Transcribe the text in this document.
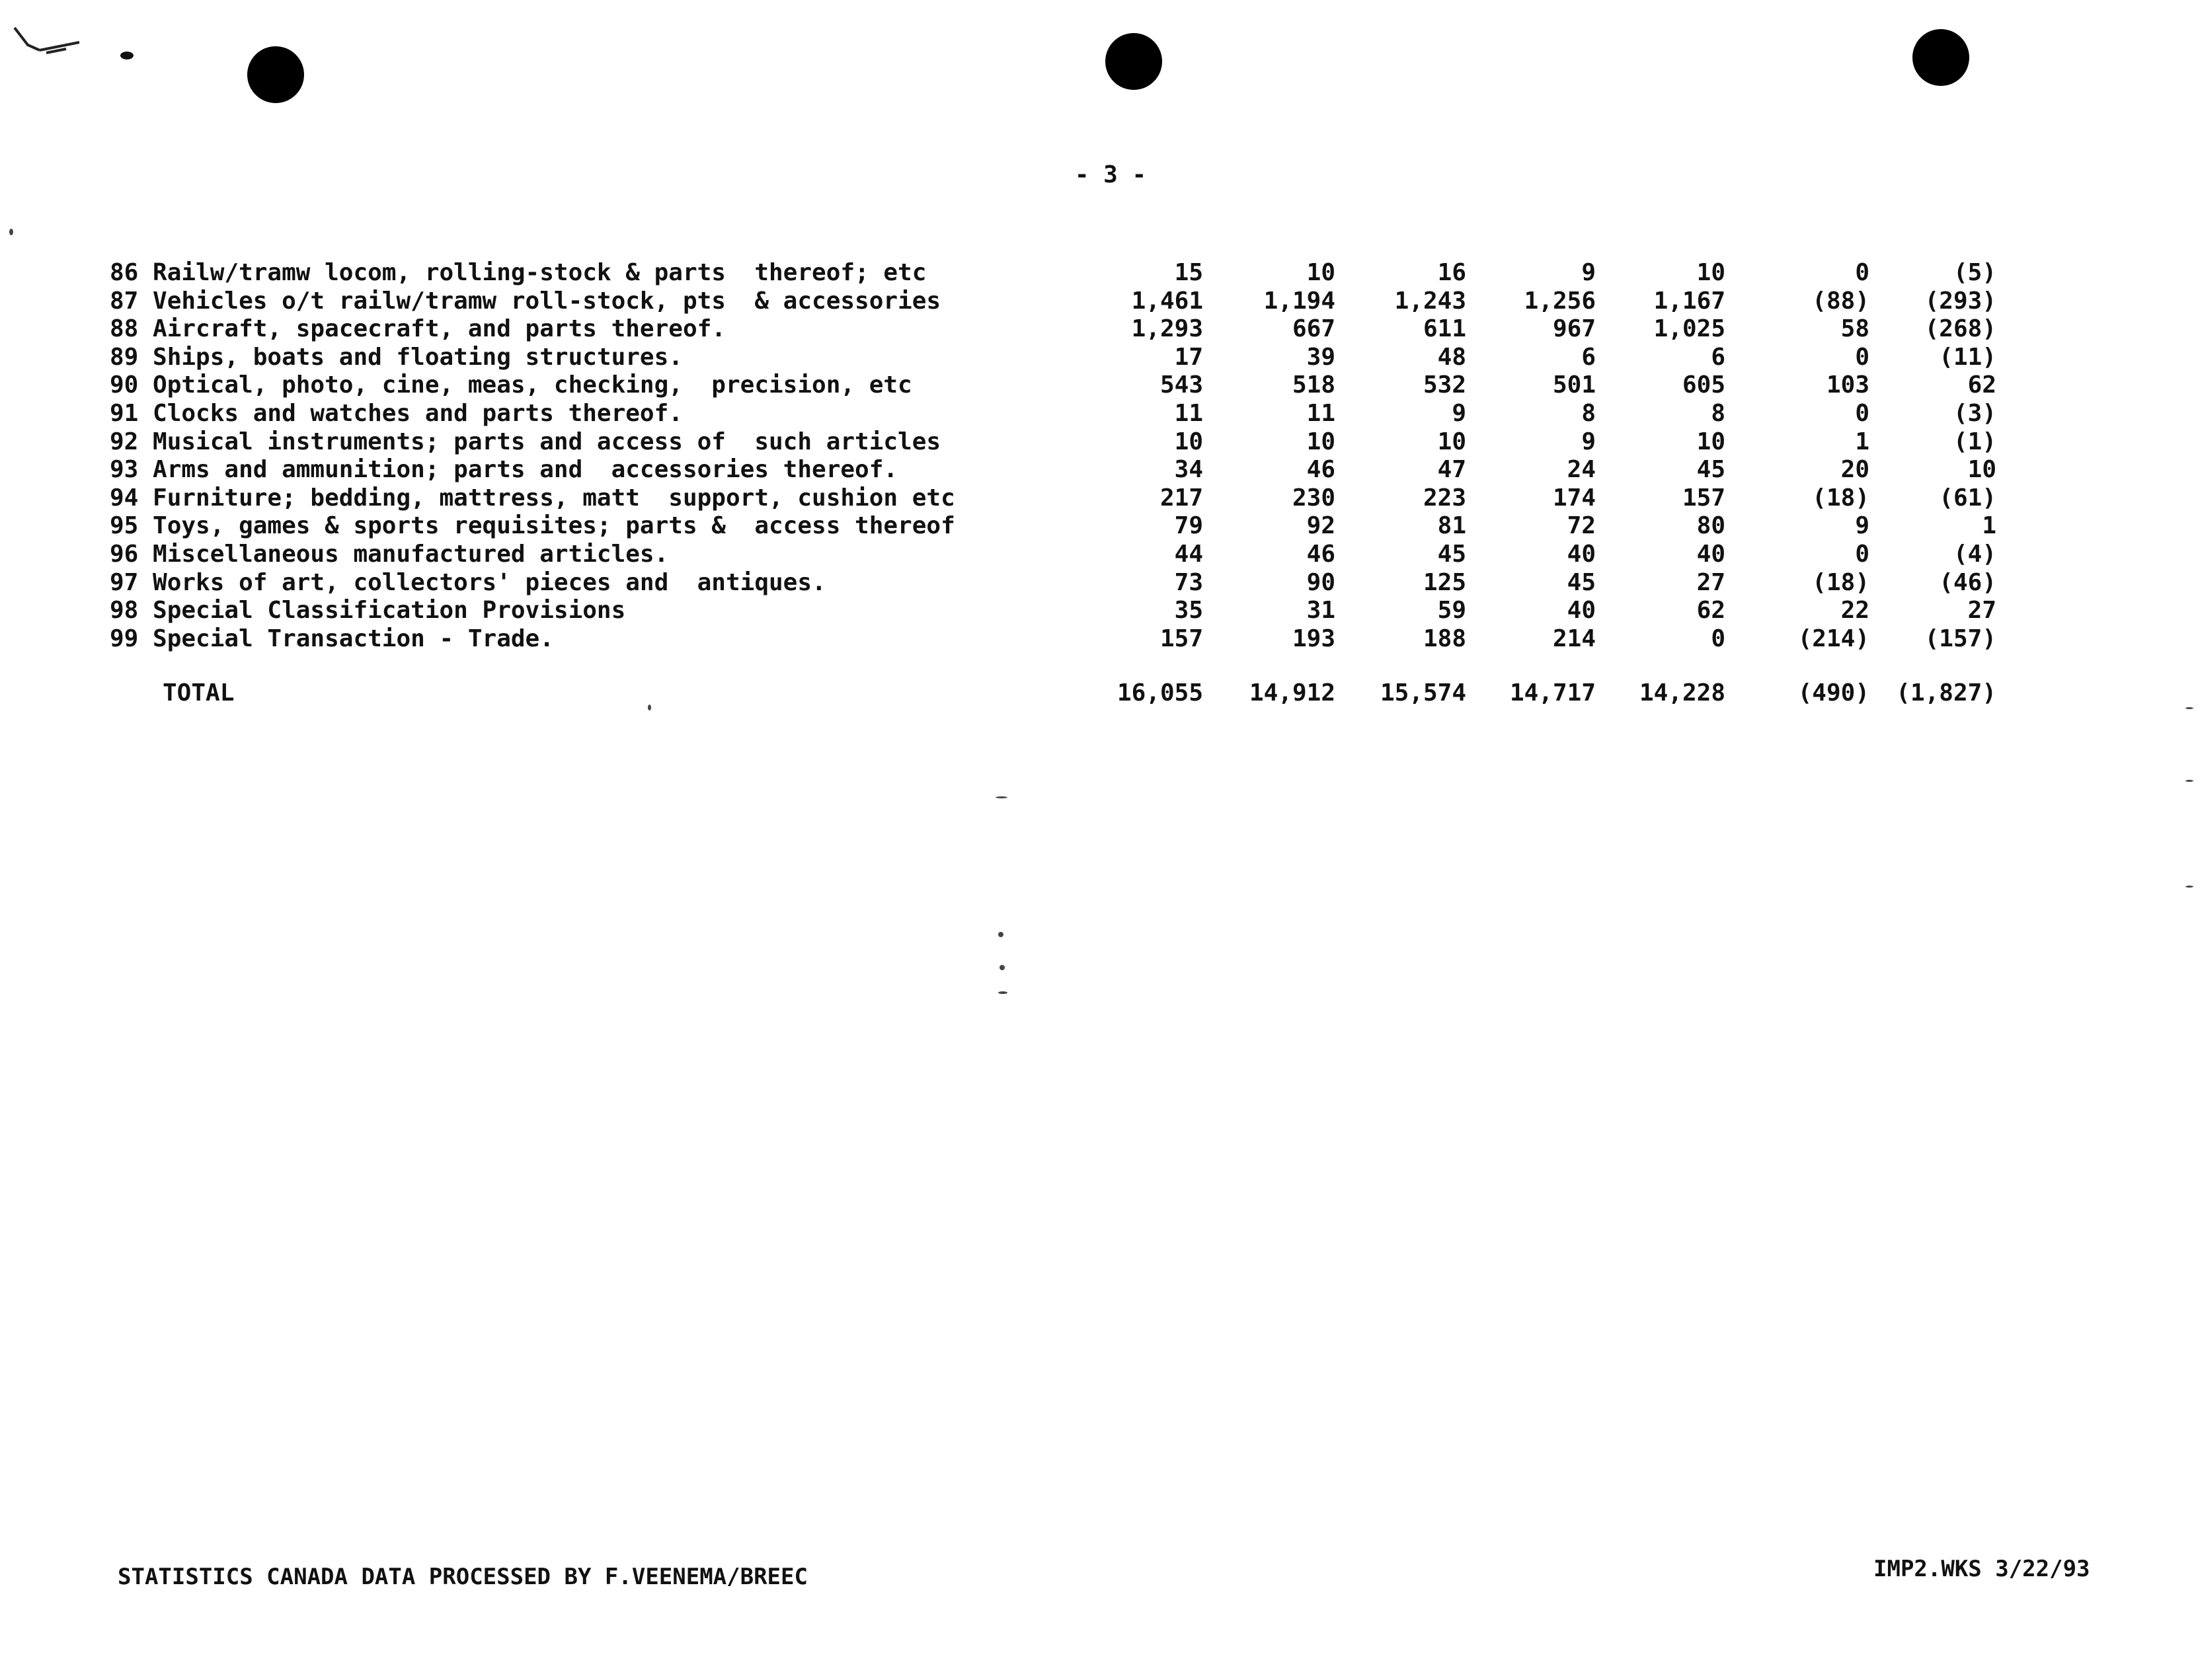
- 3 -
86 Railw/tramw locom, rolling-stock & parts  thereof; etc	15	10	16	9	10	0	(5)
87 Vehicles o/t railw/tramw roll-stock, pts  & accessories	1,461	1,194	1,243	1,256	1,167	(88)	(293)
88 Aircraft, spacecraft, and parts thereof.	1,293	667	611	967	1,025	58	(268)
89 Ships, boats and floating structures.	17	39	48	6	6	0	(11)
90 Optical, photo, cine, meas, checking,  precision, etc	543	518	532	501	605	103	62
91 Clocks and watches and parts thereof.	11	11	9	8	8	0	(3)
92 Musical instruments; parts and access of  such articles	10	10	10	9	10	1	(1)
93 Arms and ammunition; parts and  accessories thereof.	34	46	47	24	45	20	10
94 Furniture; bedding, mattress, matt  support, cushion etc	217	230	223	174	157	(18)	(61)
95 Toys, games & sports requisites; parts &  access thereof	79	92	81	72	80	9	1
96 Miscellaneous manufactured articles.	44	46	45	40	40	0	(4)
97 Works of art, collectors' pieces and  antiques.	73	90	125	45	27	(18)	(46)
98 Special Classification Provisions	35	31	59	40	62	22	27
99 Special Transaction - Trade.	157	193	188	214	0	(214)	(157)
TOTAL	16,055	14,912	15,574	14,717	14,228	(490)	(1,827)
STATISTICS CANADA DATA PROCESSED BY F.VEENEMA/BREEC	IMP2.WKS 3/22/93
